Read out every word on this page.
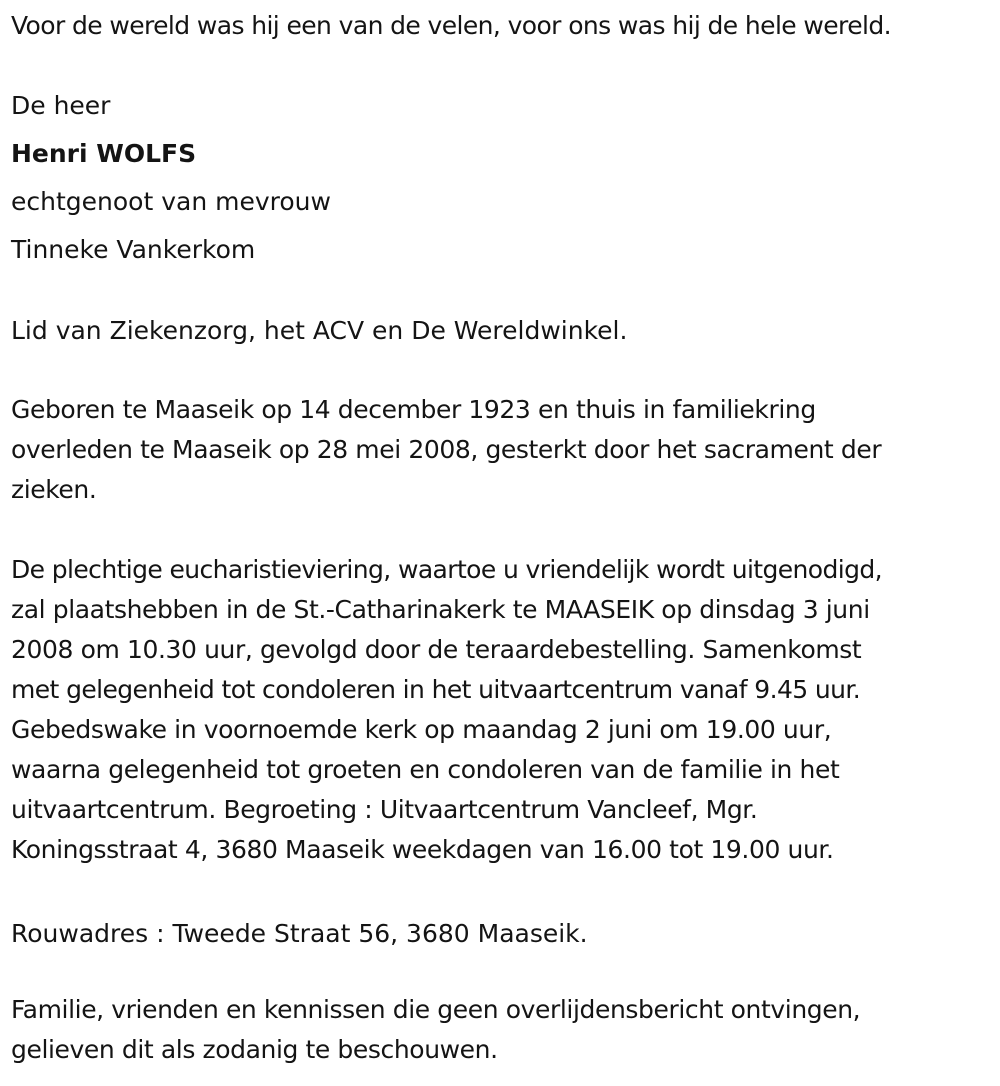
Voor de wereld was hij een van de velen, voor ons was hij de hele wereld.

De heer

Henri WOLFS

echtgenoot van mevrouw

Tinneke Vankerkom

Lid van Ziekenzorg, het ACV en De Wereldwinkel.

Geboren te Maaseik op 14 december 1923 en thuis in familiekring

overleden te Maaseik op 28 mei 2008, gesterkt door het sacrament der

zieken.

De plechtige eucharistieviering, waartoe u vriendelijk wordt uitgenodigd,

zal plaatshebben in de St.-Catharinakerk te MAASEIK op dinsdag 3 juni

2008 om 10.30 uur, gevolgd door de teraardebestelling. Samenkomst

met gelegenheid tot condoleren in het uitvaartcentrum vanaf 9.45 uur.

Gebedswake in voornoemde kerk op maandag 2 juni om 19.00 uur,

waarna gelegenheid tot groeten en condoleren van de familie in het

uitvaartcentrum. Begroeting : Uitvaartcentrum Vancleef, Mgr.

Koningsstraat 4, 3680 Maaseik weekdagen van 16.00 tot 19.00 uur.

Rouwadres : Tweede Straat 56, 3680 Maaseik.

Familie, vrienden en kennissen die geen overlijdensbericht ontvingen,

gelieven dit als zodanig te beschouwen.
